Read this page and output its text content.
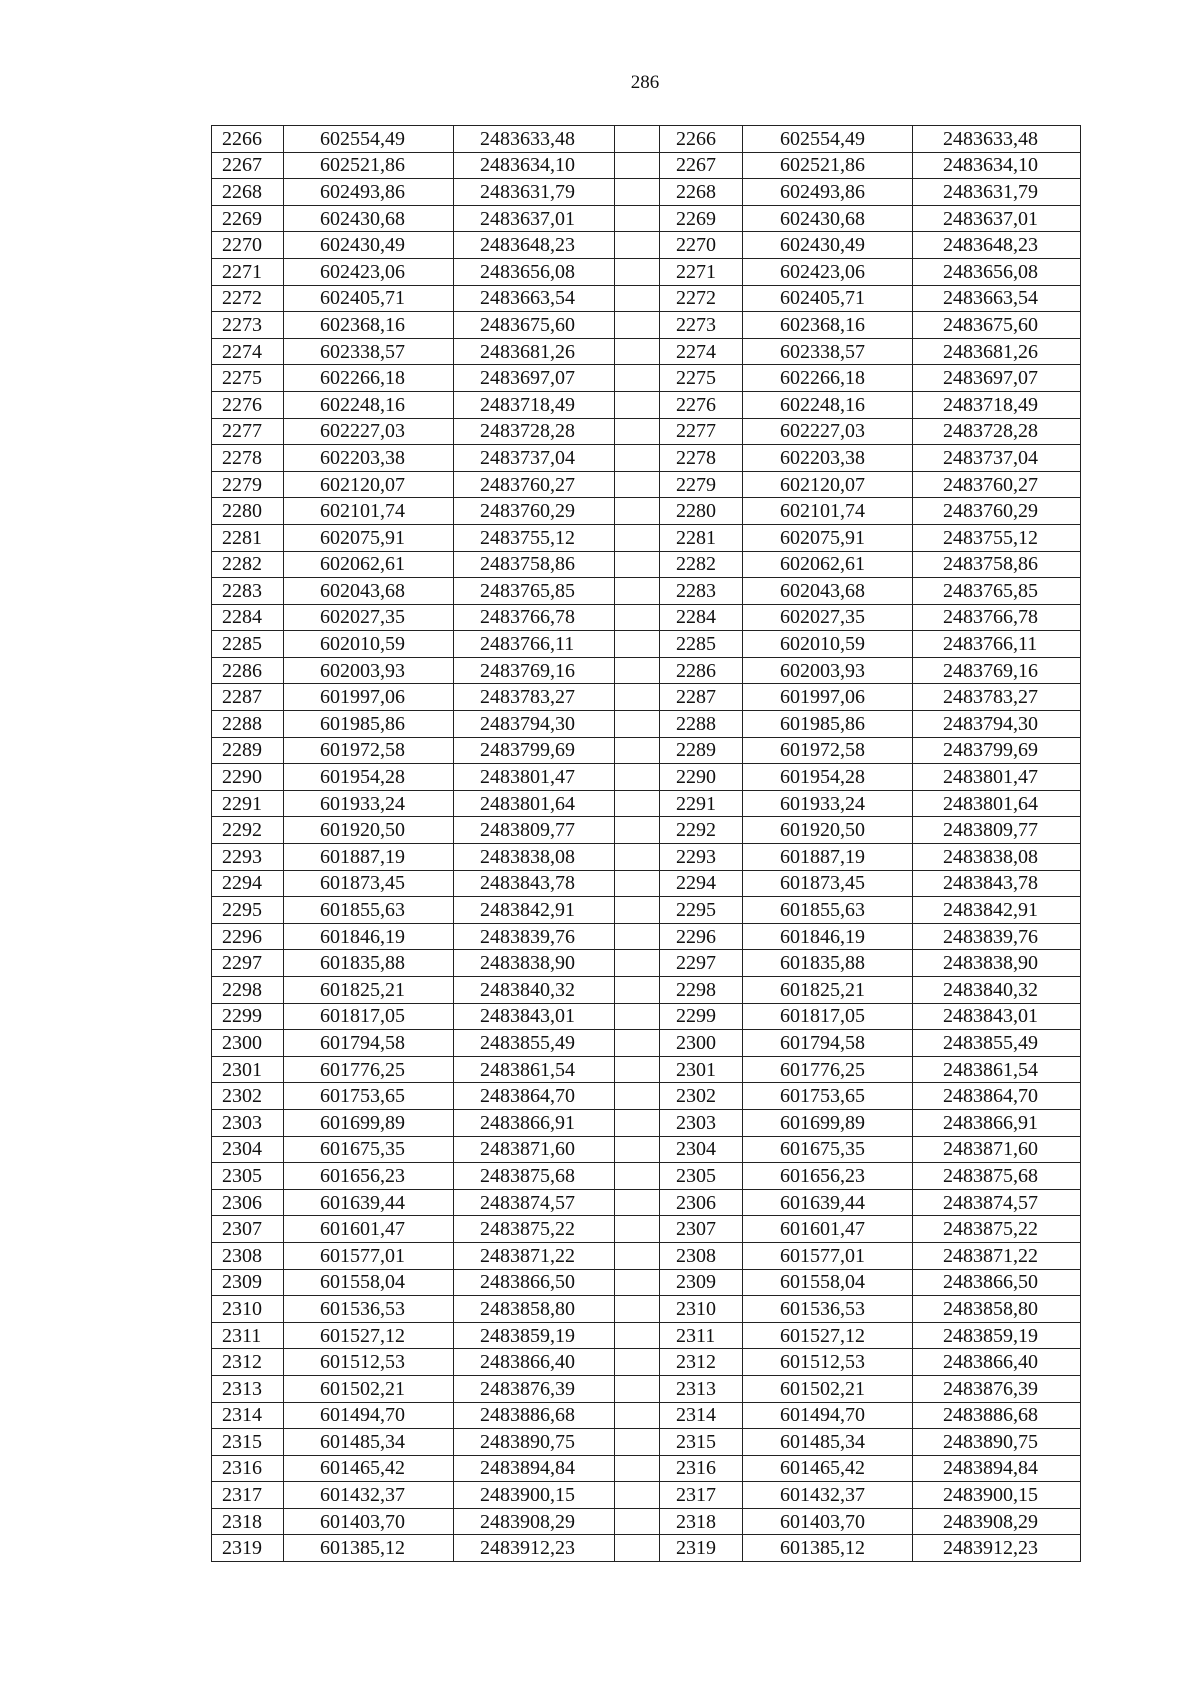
286
2266	602554,49	2483633,48		2266	602554,49	2483633,48
2267	602521,86	2483634,10		2267	602521,86	2483634,10
2268	602493,86	2483631,79		2268	602493,86	2483631,79
2269	602430,68	2483637,01		2269	602430,68	2483637,01
2270	602430,49	2483648,23		2270	602430,49	2483648,23
2271	602423,06	2483656,08		2271	602423,06	2483656,08
2272	602405,71	2483663,54		2272	602405,71	2483663,54
2273	602368,16	2483675,60		2273	602368,16	2483675,60
2274	602338,57	2483681,26		2274	602338,57	2483681,26
2275	602266,18	2483697,07		2275	602266,18	2483697,07
2276	602248,16	2483718,49		2276	602248,16	2483718,49
2277	602227,03	2483728,28		2277	602227,03	2483728,28
2278	602203,38	2483737,04		2278	602203,38	2483737,04
2279	602120,07	2483760,27		2279	602120,07	2483760,27
2280	602101,74	2483760,29		2280	602101,74	2483760,29
2281	602075,91	2483755,12		2281	602075,91	2483755,12
2282	602062,61	2483758,86		2282	602062,61	2483758,86
2283	602043,68	2483765,85		2283	602043,68	2483765,85
2284	602027,35	2483766,78		2284	602027,35	2483766,78
2285	602010,59	2483766,11		2285	602010,59	2483766,11
2286	602003,93	2483769,16		2286	602003,93	2483769,16
2287	601997,06	2483783,27		2287	601997,06	2483783,27
2288	601985,86	2483794,30		2288	601985,86	2483794,30
2289	601972,58	2483799,69		2289	601972,58	2483799,69
2290	601954,28	2483801,47		2290	601954,28	2483801,47
2291	601933,24	2483801,64		2291	601933,24	2483801,64
2292	601920,50	2483809,77		2292	601920,50	2483809,77
2293	601887,19	2483838,08		2293	601887,19	2483838,08
2294	601873,45	2483843,78		2294	601873,45	2483843,78
2295	601855,63	2483842,91		2295	601855,63	2483842,91
2296	601846,19	2483839,76		2296	601846,19	2483839,76
2297	601835,88	2483838,90		2297	601835,88	2483838,90
2298	601825,21	2483840,32		2298	601825,21	2483840,32
2299	601817,05	2483843,01		2299	601817,05	2483843,01
2300	601794,58	2483855,49		2300	601794,58	2483855,49
2301	601776,25	2483861,54		2301	601776,25	2483861,54
2302	601753,65	2483864,70		2302	601753,65	2483864,70
2303	601699,89	2483866,91		2303	601699,89	2483866,91
2304	601675,35	2483871,60		2304	601675,35	2483871,60
2305	601656,23	2483875,68		2305	601656,23	2483875,68
2306	601639,44	2483874,57		2306	601639,44	2483874,57
2307	601601,47	2483875,22		2307	601601,47	2483875,22
2308	601577,01	2483871,22		2308	601577,01	2483871,22
2309	601558,04	2483866,50		2309	601558,04	2483866,50
2310	601536,53	2483858,80		2310	601536,53	2483858,80
2311	601527,12	2483859,19		2311	601527,12	2483859,19
2312	601512,53	2483866,40		2312	601512,53	2483866,40
2313	601502,21	2483876,39		2313	601502,21	2483876,39
2314	601494,70	2483886,68		2314	601494,70	2483886,68
2315	601485,34	2483890,75		2315	601485,34	2483890,75
2316	601465,42	2483894,84		2316	601465,42	2483894,84
2317	601432,37	2483900,15		2317	601432,37	2483900,15
2318	601403,70	2483908,29		2318	601403,70	2483908,29
2319	601385,12	2483912,23		2319	601385,12	2483912,23
